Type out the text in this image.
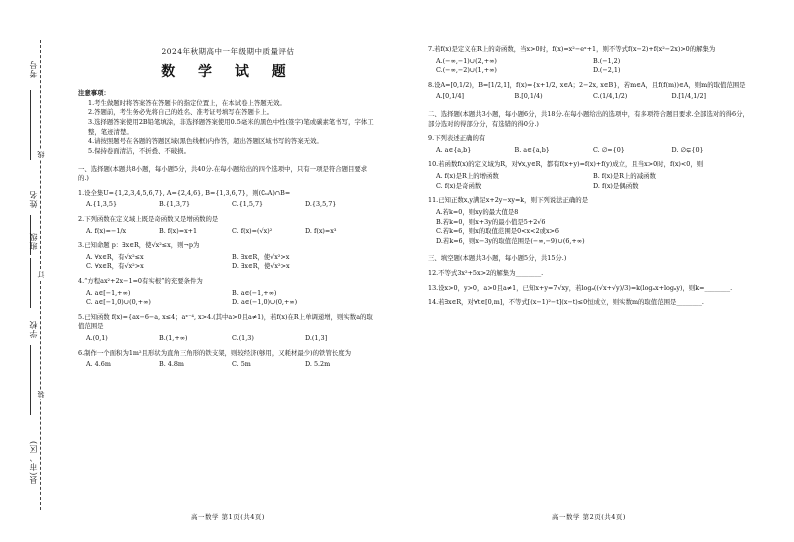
考号
姓名
班级
学校
县(市、区)
线
订
装
2024年秋期高中一年级期中质量评估
数 学 试 题
注意事项：
1.考生做题时将答案答在答题卡的指定位置上，在本试卷上答题无效。
2.答题前，考生务必先将自己的姓名、准考证号填写在答题卡上。
3.选择题答案使用2B铅笔填涂，非选择题答案使用0.5毫米的黑色中性(签字)笔或碳素笔书写，字体工整，笔迹清楚。
4.请按照题号在各题的答题区域(黑色线框)内作答，超出答题区域书写的答案无效。
5.保持卷面清洁，不折叠、不破损。
一、选择题(本题共8小题，每小题5分，共40分.在每小题给出的四个选项中，只有一项是符合题目要求的.)
1.设全集U={1,2,3,4,5,6,7}, A={2,4,6}, B={1,3,6,7}，则(∁ᵤA)∩B=
A.{1,3,5}	B.{1,3,7}	C.{1,5,7}	D.{3,5,7}
2.下列函数在定义域上既是奇函数又是增函数的是
A. f(x)=−1/x	B. f(x)=x+1	C. f(x)=(√x)²	D. f(x)=x³
3.已知命题 p：∃x∈R，使√x²≤x，则¬p为
A. ∀x∈R，有√x²≤x	B. ∃x∈R，使√x²>x
C. ∀x∈R，有√x²>x	D. ∃x∈R，使√x²>x
4.“方程ax²+2x−1=0有实根”的充要条件为
A. a∈[−1,+∞)	B. a∈(−1,+∞)
C. a∈[−1,0)∪(0,+∞)	D. a∈(−1,0)∪(0,+∞)
5.已知函数 f(x)={ax−6−a, x≤4；aˣ⁻⁴, x>4.(其中a>0且a≠1)，若f(x)在R上单调递增，则实数a的取值范围是
A.(0,1)	B.(1,+∞)	C.(1,3)	D.(1,3]
6.制作一个面积为1m²且形状为直角三角形的铁支架，则较经济(够用，又耗材最少)的铁管长度为
A. 4.6m	B. 4.8m	C. 5m	D. 5.2m
7.若f(x)是定义在R上的奇函数，当x>0时，f(x)=x²−eˣ+1，则不等式f(x−2)+f(x²−2x)>0的解集为
A.(−∞,−1)∪(2,+∞)	B.(−1,2)
C.(−∞,−2)∪(1,+∞)	D.(−2,1)
8.设A=[0,1/2)，B=[1/2,1]，f(x)={x+1/2, x∈A；2−2x, x∈B}，若m∈A，且f(f(m))∈A，则m的取值范围是
A.[0,1/4]	B.[0,1/4)	C.(1/4,1/2)	D.[1/4,1/2]
二、选择题(本题共3小题，每小题6分，共18分.在每小题给出的选项中，有多项符合题目要求.全部选对的得6分，部分选对的得部分分，有选错的得0分.)
9.下列表述正确的有
A. a∈{a,b}	B. a∈{a,b}	C. ∅={0}	D. ∅⊊{0}
10.若函数f(x)的定义域为R，对∀x,y∈R，都有f(x+y)=f(x)+f(y)成立，且当x>0时，f(x)<0，则
A. f(x)是R上的增函数	B. f(x)是R上的减函数
C. f(x)是奇函数	D. f(x)是偶函数
11.已知正数x,y满足x+2y−xy=k，则下列说法正确的是
A.若k=0，则xy的最大值是8
B.若k=0，则x+3y的最小值是5+2√6
C.若k=6，则x的取值范围是0<x<2或x>6
D.若k=6，则x−3y的取值范围是(−∞,−9)∪(6,+∞)
三、填空题(本题共3小题，每小题5分，共15分.)
12.不等式3x²+5x>2的解集为________.
13.设x>0，y>0，a>0且a≠1，已知x+y=7√xy，若logₐ((√x+√y)/3)=k(logₐx+logₐy)，则k=________.
14.若∃x∈R，对∀t∈[0,m]，不等式[(x−1)²−t](x−t)≤0恒成立，则实数m的取值范围是________.
高一数学 第1页(共4页)	高一数学 第2页(共4页)
